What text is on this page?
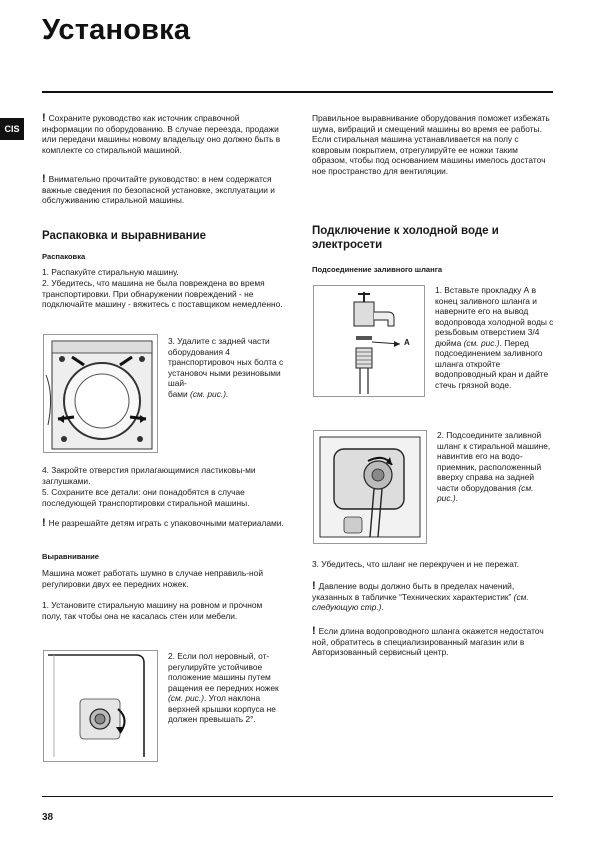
Установка
CIS

! Сохраните руководство как источник справочной информации по оборудованию. В случае переезда, продажи или передачи машины новому владельцу оно должно быть в комплекте со стиральной машиной.

! Внимательно прочитайте руководство: в нем содержатся важные сведения по безопасной установке, эксплуатации и обслуживанию стиральной машины.

Распаковка и выравнивание
Распаковка

1. Распакуйте стиральную машину.

2. Убедитесь, что машина не была повреждена во время транспортировки. При обнаружении повреждений - не подключайте машину - вяжитесь с поставщиком немедленно.

3. Удалите с задней части оборудования 4 транспортировоч ных болта с установоч ными резиновыми шай-
бами (см. рис.).

4. Закройте отверстия прилагающимися ластиковы-ми заглушками.

5. Сохраните все детали: они понадобятся в случае последующей транспортировки стиральной машины.

! Не разрешайте детям играть с упаковочными материалами.

Выравнивание

Машина может работать шумно в случае неправиль-ной регулировки двух ее передних ножек.

1. Установите стиральную машину на ровном и прочном полу, так чтобы она не касалась стен или мебели.

2. Если пол неровный, от-регулируйте устойчивое положение машины путем ращения ее передних ножек (см. рис.). Угол наклона верхней крышки корпуса не должен превышать 2°.

Правильное выравнивание оборудования поможет избежать шума, вибраций и смещений машины во время ее работы. Если стиральная машина устанавливается на полу с ковровым покрытием, отрегулируйте ее ножки таким образом, чтобы под основанием машины имелось достаточ ное пространство для вентиляции.

Подключение к холодной воде и электросети
Подсоединение заливного шланга
A

1. Вставьте прокладку А в конец заливного шланга и наверните его на вывод водопровода холодной воды с резьбовым отверстием 3/4 дюйма (см. рис.). Перед подсоединением заливного шланга откройте водопроводный кран и дайте стечь грязной воде.

2. Подсоедините заливной шланг к стиральной машине, навинтив его на водо-приемник, расположенный вверху справа на задней части оборудования (см. рис.).

3. Убедитесь, что шланг не перекручен и не пережат.

! Давление воды должно быть в пределах начений, указанных в табличке “Технических характеристик” (см. следующую стр.).

! Если длина водопроводного шланга окажется недостаточ ной, обратитесь в специализированный магазин или в Авторизованный сервисный центр.

38
